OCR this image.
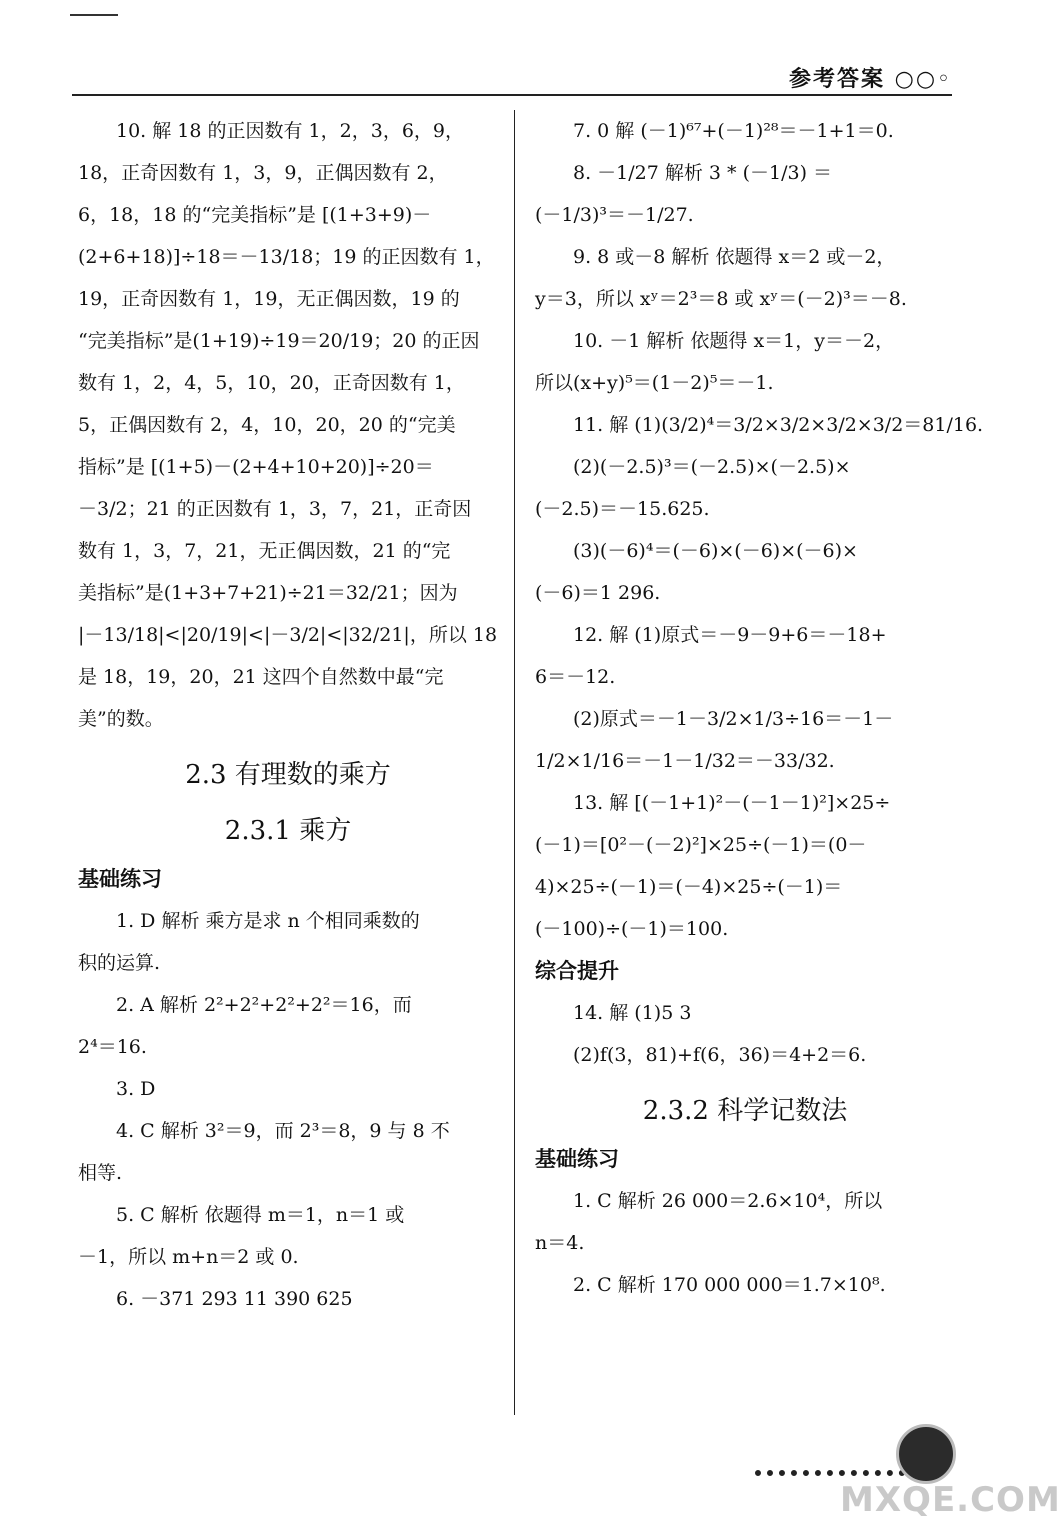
参考答案 ○○◦

10. 解 18 的正因数有 1，2，3，6，9，

18，正奇因数有 1，3，9，正偶因数有 2，

6，18，18 的“完美指标”是 [(1+3+9)－

(2+6+18)]÷18＝－13/18；19 的正因数有 1，

19，正奇因数有 1，19，无正偶因数，19 的

“完美指标”是(1+19)÷19＝20/19；20 的正因

数有 1，2，4，5，10，20，正奇因数有 1，

5，正偶因数有 2，4，10，20，20 的“完美

指标”是 [(1+5)－(2+4+10+20)]÷20＝

－3/2；21 的正因数有 1，3，7，21，正奇因

数有 1，3，7，21，无正偶因数，21 的“完

美指标”是(1+3+7+21)÷21＝32/21；因为

|－13/18|<|20/19|<|－3/2|<|32/21|，所以 18

是 18，19，20，21 这四个自然数中最“完

美”的数。

2.3 有理数的乘方

2.3.1 乘方

基础练习

1. D 解析 乘方是求 n 个相同乘数的

积的运算.

2. A 解析 2²+2²+2²+2²＝16，而

2⁴＝16.

3. D

4. C 解析 3²＝9，而 2³＝8，9 与 8 不

相等.

5. C 解析 依题得 m＝1，n＝1 或

－1，所以 m+n＝2 或 0.

6. －371 293 11 390 625

7. 0 解 (－1)⁶⁷+(－1)²⁸＝－1+1＝0.

8. －1/27 解析 3 * (－1/3) ＝

(－1/3)³＝－1/27.

9. 8 或－8 解析 依题得 x＝2 或－2，

y＝3，所以 xʸ＝2³＝8 或 xʸ＝(－2)³＝－8.

10. －1 解析 依题得 x＝1，y＝－2，

所以(x+y)⁵＝(1－2)⁵＝－1.

11. 解 (1)(3/2)⁴＝3/2×3/2×3/2×3/2＝81/16.

(2)(－2.5)³＝(－2.5)×(－2.5)×

(－2.5)＝－15.625.

(3)(－6)⁴＝(－6)×(－6)×(－6)×

(－6)＝1 296.

12. 解 (1)原式＝－9－9+6＝－18+

6＝－12.

(2)原式＝－1－3/2×1/3÷16＝－1－

1/2×1/16＝－1－1/32＝－33/32.

13. 解 [(－1+1)²－(－1－1)²]×25÷

(－1)＝[0²－(－2)²]×25÷(－1)＝(0－

4)×25÷(－1)＝(－4)×25÷(－1)＝

(－100)÷(－1)＝100.

综合提升

14. 解 (1)5 3

(2)f(3，81)+f(6，36)＝4+2＝6.

2.3.2 科学记数法

基础练习

1. C 解析 26 000＝2.6×10⁴，所以

n＝4.

2. C 解析 170 000 000＝1.7×10⁸.

MXQE.COM
